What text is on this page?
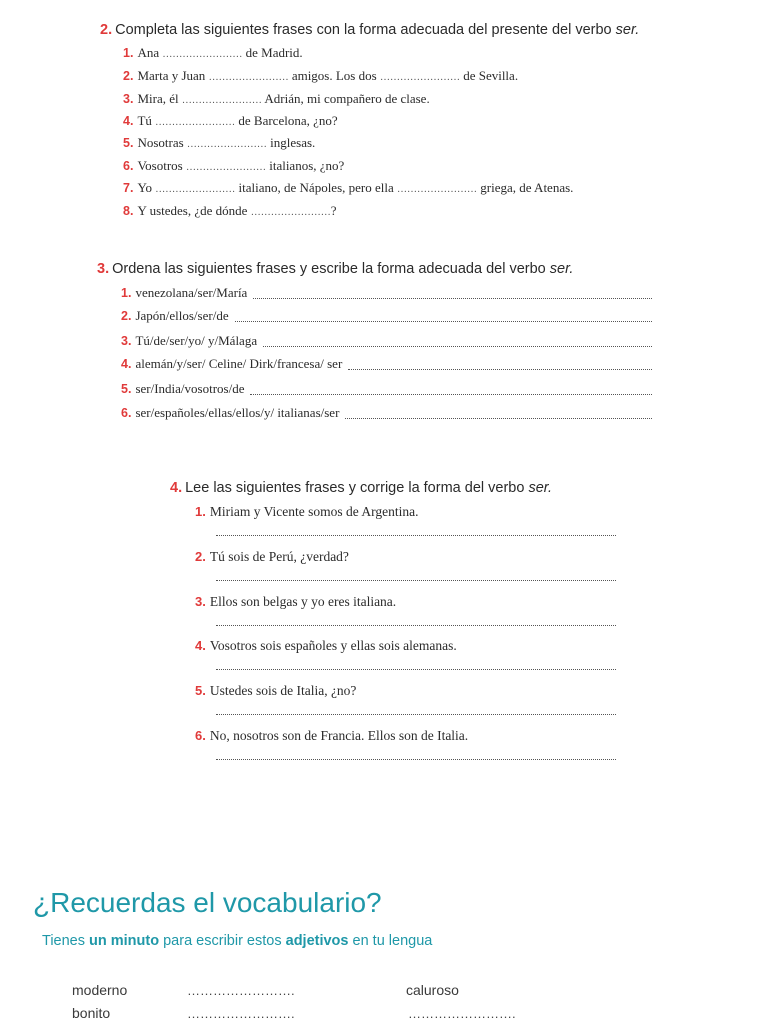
2. Completa las siguientes frases con la forma adecuada del presente del verbo ser.
1. Ana …………………… de Madrid.
2. Marta y Juan …………………… amigos. Los dos …………………… de Sevilla.
3. Mira, él …………………… Adrián, mi compañero de clase.
4. Tú …………………… de Barcelona, ¿no?
5. Nosotras …………………… inglesas.
6. Vosotros …………………… italianos, ¿no?
7. Yo …………………… italiano, de Nápoles, pero ella …………………… griega, de Atenas.
8. Y ustedes, ¿de dónde ……………………?
3. Ordena las siguientes frases y escribe la forma adecuada del verbo ser.
1. venezolana/ser/María
2. Japón/ellos/ser/de
3. Tú/de/ser/yo/ y/Málaga
4. alemán/y/ser/ Celine/ Dirk/francesa/ ser
5. ser/India/vosotros/de
6. ser/españoles/ellas/ellos/y/ italianas/ser
4. Lee las siguientes frases y corrige la forma del verbo ser.
1. Miriam y Vicente somos de Argentina.
2. Tú sois de Perú, ¿verdad?
3. Ellos son belgas y yo eres italiana.
4. Vosotros sois españoles y ellas sois alemanas.
5. Ustedes sois de Italia, ¿no?
6. No, nosotros son de Francia. Ellos son de Italia.
¿Recuerdas el vocabulario?
Tienes un minuto para escribir estos adjetivos en tu lengua
moderno	…………………….	caluroso
bonito	…………………….	…………………….
